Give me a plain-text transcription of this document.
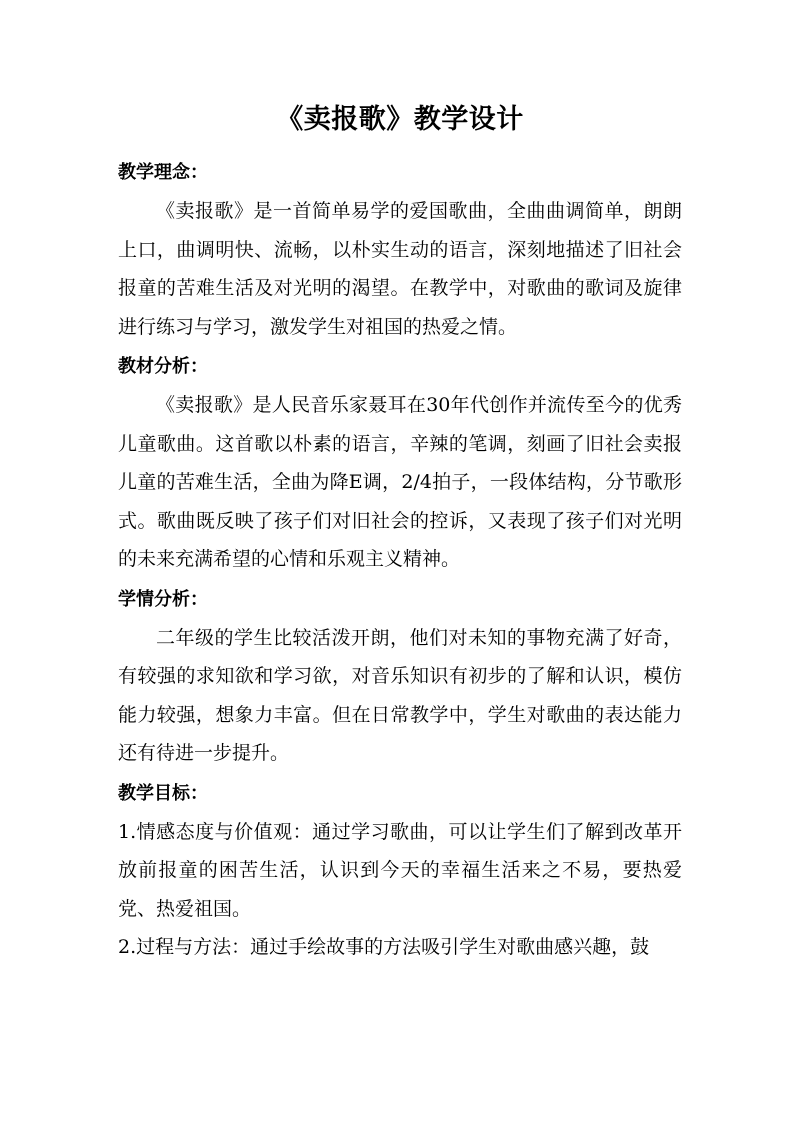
《卖报歌》教学设计
教学理念：

《卖报歌》是一首简单易学的爱国歌曲，全曲曲调简单，朗朗上口，曲调明快、流畅，以朴实生动的语言，深刻地描述了旧社会报童的苦难生活及对光明的渴望。在教学中，对歌曲的歌词及旋律进行练习与学习，激发学生对祖国的热爱之情。

教材分析：

《卖报歌》是人民音乐家聂耳在30年代创作并流传至今的优秀儿童歌曲。这首歌以朴素的语言，辛辣的笔调，刻画了旧社会卖报儿童的苦难生活，全曲为降E调，2/4拍子，一段体结构，分节歌形式。歌曲既反映了孩子们对旧社会的控诉，又表现了孩子们对光明的未来充满希望的心情和乐观主义精神。

学情分析：

二年级的学生比较活泼开朗，他们对未知的事物充满了好奇，有较强的求知欲和学习欲，对音乐知识有初步的了解和认识，模仿能力较强，想象力丰富。但在日常教学中，学生对歌曲的表达能力还有待进一步提升。

教学目标：

1.情感态度与价值观：通过学习歌曲，可以让学生们了解到改革开放前报童的困苦生活，认识到今天的幸福生活来之不易，要热爱党、热爱祖国。

2.过程与方法：通过手绘故事的方法吸引学生对歌曲感兴趣，鼓
